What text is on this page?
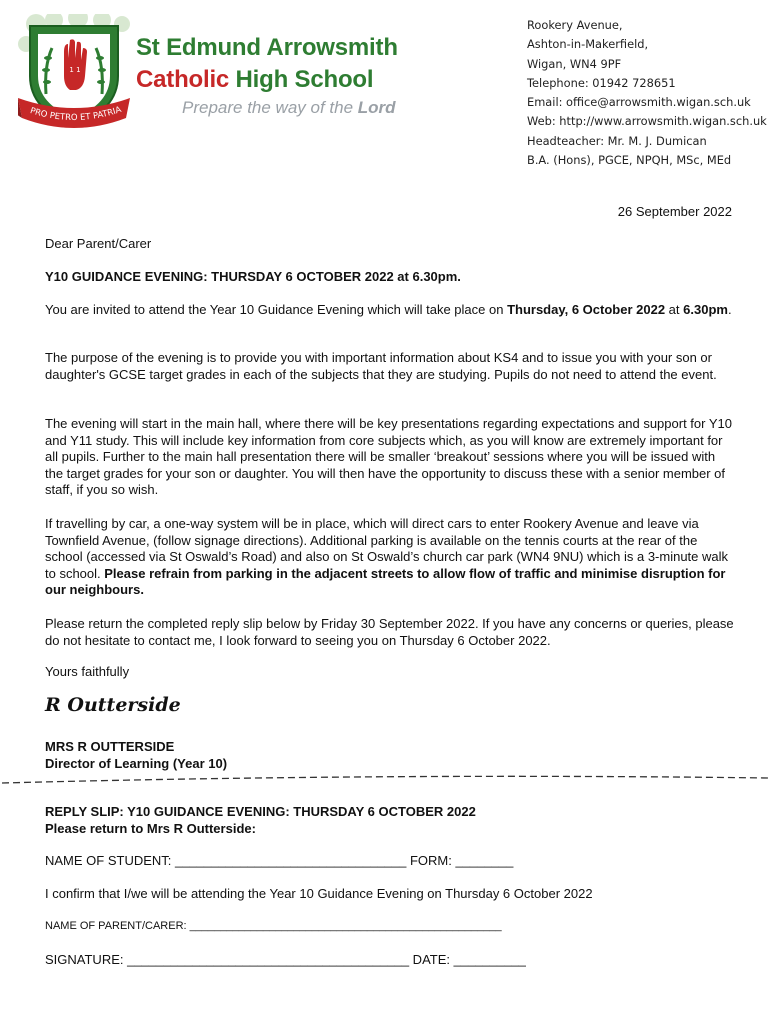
1 1
PRO PETRO ET PATRIA
St Edmund Arrowsmith
Catholic High School
Prepare the way of the Lord
Rookery Avenue,
Ashton-in-Makerfield,
Wigan, WN4 9PF
Telephone: 01942 728651
Email: office@arrowsmith.wigan.sch.uk
Web: http://www.arrowsmith.wigan.sch.uk
Headteacher: Mr. M. J. Dumican
B.A. (Hons), PGCE, NPQH, MSc, MEd
26 September 2022
Dear Parent/Carer
Y10 GUIDANCE EVENING: THURSDAY 6 OCTOBER 2022 at 6.30pm.
You are invited to attend the Year 10 Guidance Evening which will take place on Thursday, 6 October 2022 at 6.30pm.
The purpose of the evening is to provide you with important information about KS4 and to issue you with your son or daughter's GCSE target grades in each of the subjects that they are studying. Pupils do not need to attend the event.
The evening will start in the main hall, where there will be key presentations regarding expectations and support for Y10 and Y11 study. This will include key information from core subjects which, as you will know are extremely important for all pupils. Further to the main hall presentation there will be smaller ‘breakout’ sessions where you will be issued with the target grades for your son or daughter. You will then have the opportunity to discuss these with a senior member of staff, if you so wish.
If travelling by car, a one-way system will be in place, which will direct cars to enter Rookery Avenue and leave via Townfield Avenue, (follow signage directions). Additional parking is available on the tennis courts at the rear of the school (accessed via St Oswald’s Road) and also on St Oswald’s church car park (WN4 9NU) which is a 3-minute walk to school. Please refrain from parking in the adjacent streets to allow flow of traffic and minimise disruption for our neighbours.
Please return the completed reply slip below by Friday 30 September 2022. If you have any concerns or queries, please do not hesitate to contact me, I look forward to seeing you on Thursday 6 October 2022.
Yours faithfully
R Outterside
MRS R OUTTERSIDE
Director of Learning (Year 10)
REPLY SLIP: Y10 GUIDANCE EVENING: THURSDAY 6 OCTOBER 2022
Please return to Mrs R Outterside:
NAME OF STUDENT: ________________________________ FORM: ________
I confirm that I/we will be attending the Year 10 Guidance Evening on Thursday 6 October 2022
NAME OF PARENT/CARER: ___________________________________________________
SIGNATURE: _______________________________________ DATE: __________
